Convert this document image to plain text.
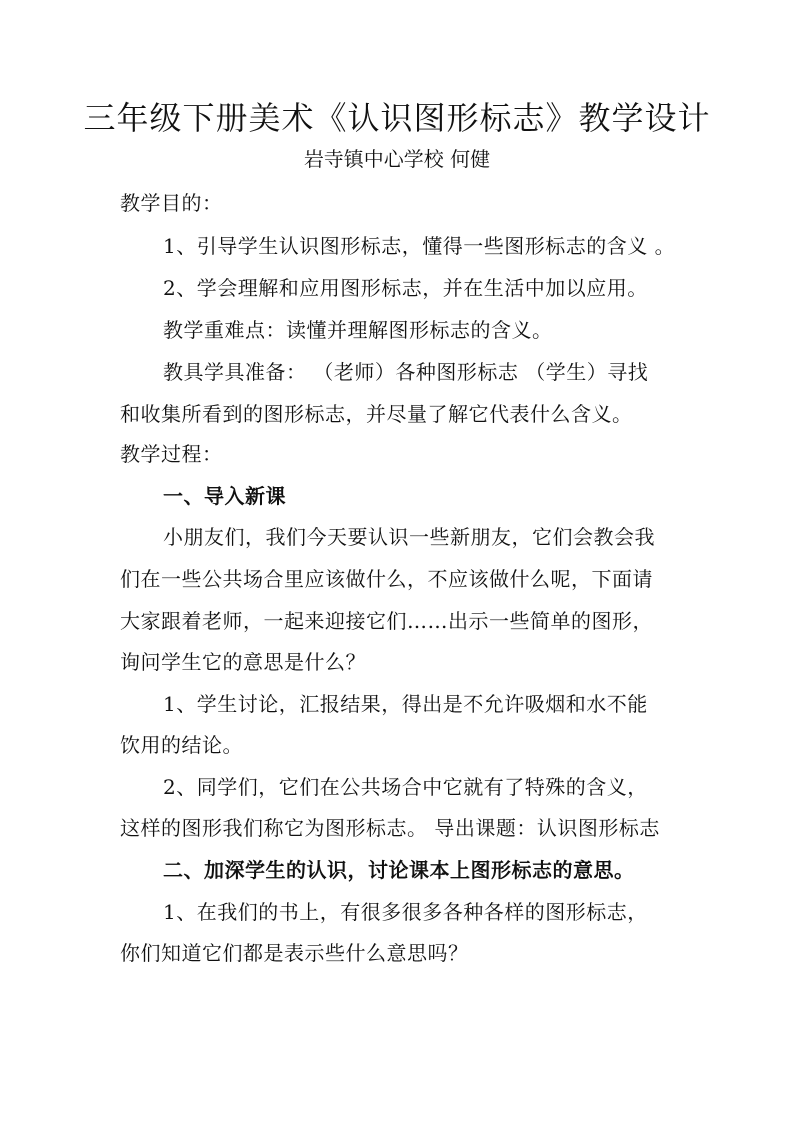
三年级下册美术《认识图形标志》教学设计
岩寺镇中心学校 何健
教学目的：
1、引导学生认识图形标志，懂得一些图形标志的含义 。
2、学会理解和应用图形标志，并在生活中加以应用。
教学重难点：读懂并理解图形标志的含义。
教具学具准备： （老师）各种图形标志 （学生）寻找
和收集所看到的图形标志，并尽量了解它代表什么含义。
教学过程：
一、导入新课
小朋友们，我们今天要认识一些新朋友，它们会教会我
们在一些公共场合里应该做什么，不应该做什么呢，下面请
大家跟着老师，一起来迎接它们……出示一些简单的图形，
询问学生它的意思是什么？
1、学生讨论，汇报结果，得出是不允许吸烟和水不能
饮用的结论。
2、同学们，它们在公共场合中它就有了特殊的含义，
这样的图形我们称它为图形标志。 导出课题：认识图形标志
二、加深学生的认识，讨论课本上图形标志的意思。
1、在我们的书上，有很多很多各种各样的图形标志，
你们知道它们都是表示些什么意思吗？
